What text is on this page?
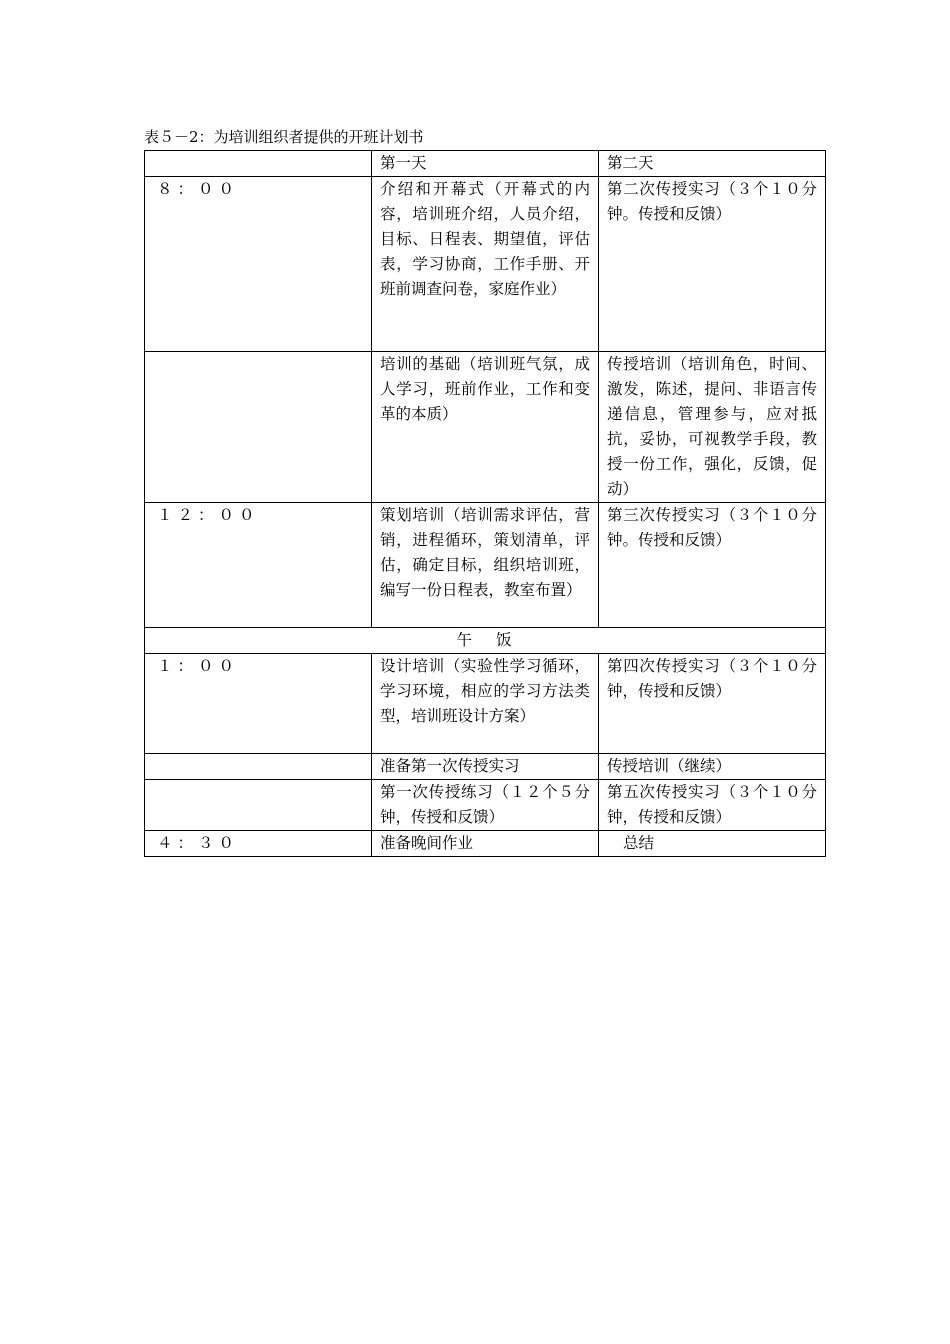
表５－2：为培训组织者提供的开班计划书
	第一天	第二天
８：００	介绍和开幕式（开幕式的内容，培训班介绍，人员介绍，目标、日程表、期望值，评估表，学习协商，工作手册、开班前调查问卷，家庭作业）	第二次传授实习（３个１０分钟。传授和反馈）
	培训的基础（培训班气氛，成人学习，班前作业，工作和变革的本质）	传授培训（培训角色，时间、激发，陈述，提问、非语言传递信息，管理参与，应对抵抗，妥协，可视教学手段，教授一份工作，强化，反馈，促动）
１２：００	策划培训（培训需求评估，营销，进程循环，策划清单，评估，确定目标，组织培训班，编写一份日程表，教室布置）	第三次传授实习（３个１０分钟。传授和反馈）
午 饭		
１：００	设计培训（实验性学习循环，学习环境，相应的学习方法类型，培训班设计方案）	第四次传授实习（３个１０分钟，传授和反馈）
	准备第一次传授实习	传授培训（继续）
	第一次传授练习（１２个５分钟，传授和反馈）	第五次传授实习（３个１０分钟，传授和反馈）
４：３０	准备晚间作业	总结
